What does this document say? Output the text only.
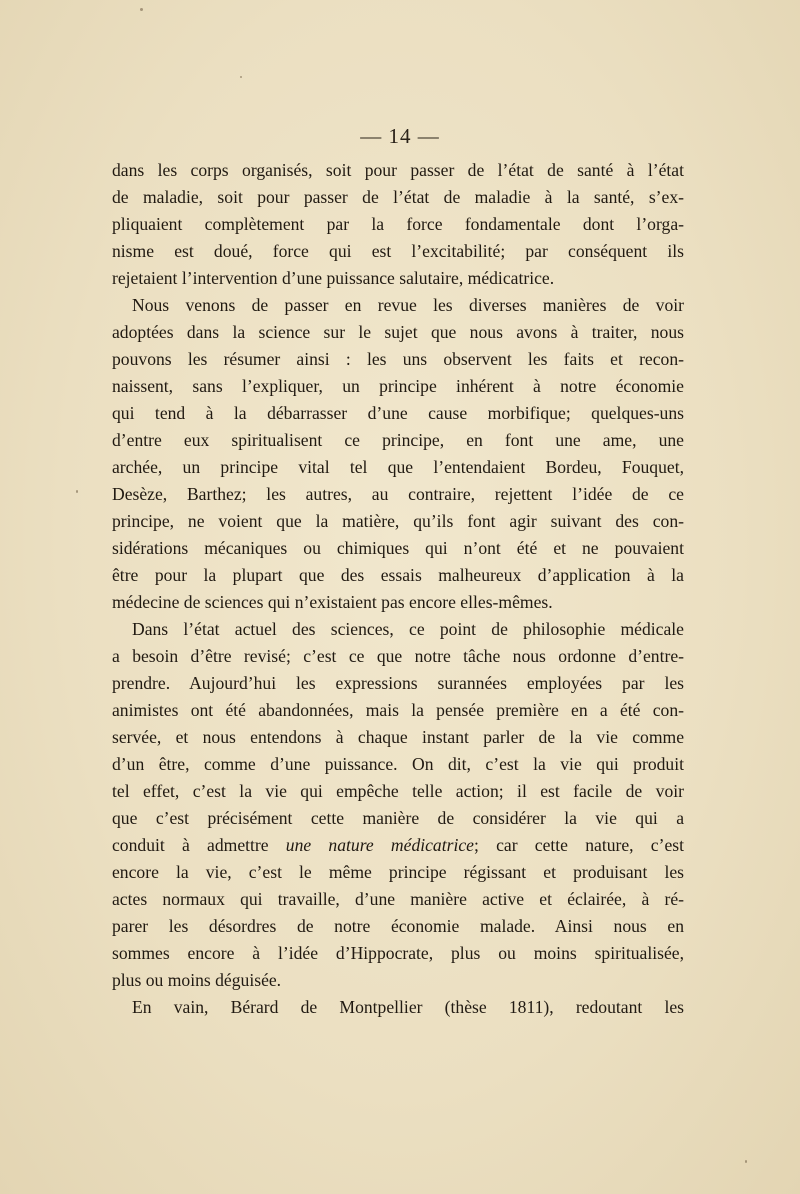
— 14 —
dans les corps organisés, soit pour passer de l’état de santé à l’état
de maladie, soit pour passer de l’état de maladie à la santé, s’ex-
pliquaient complètement par la force fondamentale dont l’orga-
nisme est doué, force qui est l’excitabilité; par conséquent ils
rejetaient l’intervention d’une puissance salutaire, médicatrice.
Nous venons de passer en revue les diverses manières de voir
adoptées dans la science sur le sujet que nous avons à traiter, nous
pouvons les résumer ainsi : les uns observent les faits et recon-
naissent, sans l’expliquer, un principe inhérent à notre économie
qui tend à la débarrasser d’une cause morbifique; quelques-uns
d’entre eux spiritualisent ce principe, en font une ame, une
archée, un principe vital tel que l’entendaient Bordeu, Fouquet,
Desèze, Barthez; les autres, au contraire, rejettent l’idée de ce
principe, ne voient que la matière, qu’ils font agir suivant des con-
sidérations mécaniques ou chimiques qui n’ont été et ne pouvaient
être pour la plupart que des essais malheureux d’application à la
médecine de sciences qui n’existaient pas encore elles-mêmes.
Dans l’état actuel des sciences, ce point de philosophie médicale
a besoin d’être revisé; c’est ce que notre tâche nous ordonne d’entre-
prendre. Aujourd’hui les expressions surannées employées par les
animistes ont été abandonnées, mais la pensée première en a été con-
servée, et nous entendons à chaque instant parler de la vie comme
d’un être, comme d’une puissance. On dit, c’est la vie qui produit
tel effet, c’est la vie qui empêche telle action; il est facile de voir
que c’est précisément cette manière de considérer la vie qui a
conduit à admettre une nature médicatrice; car cette nature, c’est
encore la vie, c’est le même principe régissant et produisant les
actes normaux qui travaille, d’une manière active et éclairée, à ré-
parer les désordres de notre économie malade. Ainsi nous en
sommes encore à l’idée d’Hippocrate, plus ou moins spiritualisée,
plus ou moins déguisée.
En vain, Bérard de Montpellier (thèse 1811), redoutant les
